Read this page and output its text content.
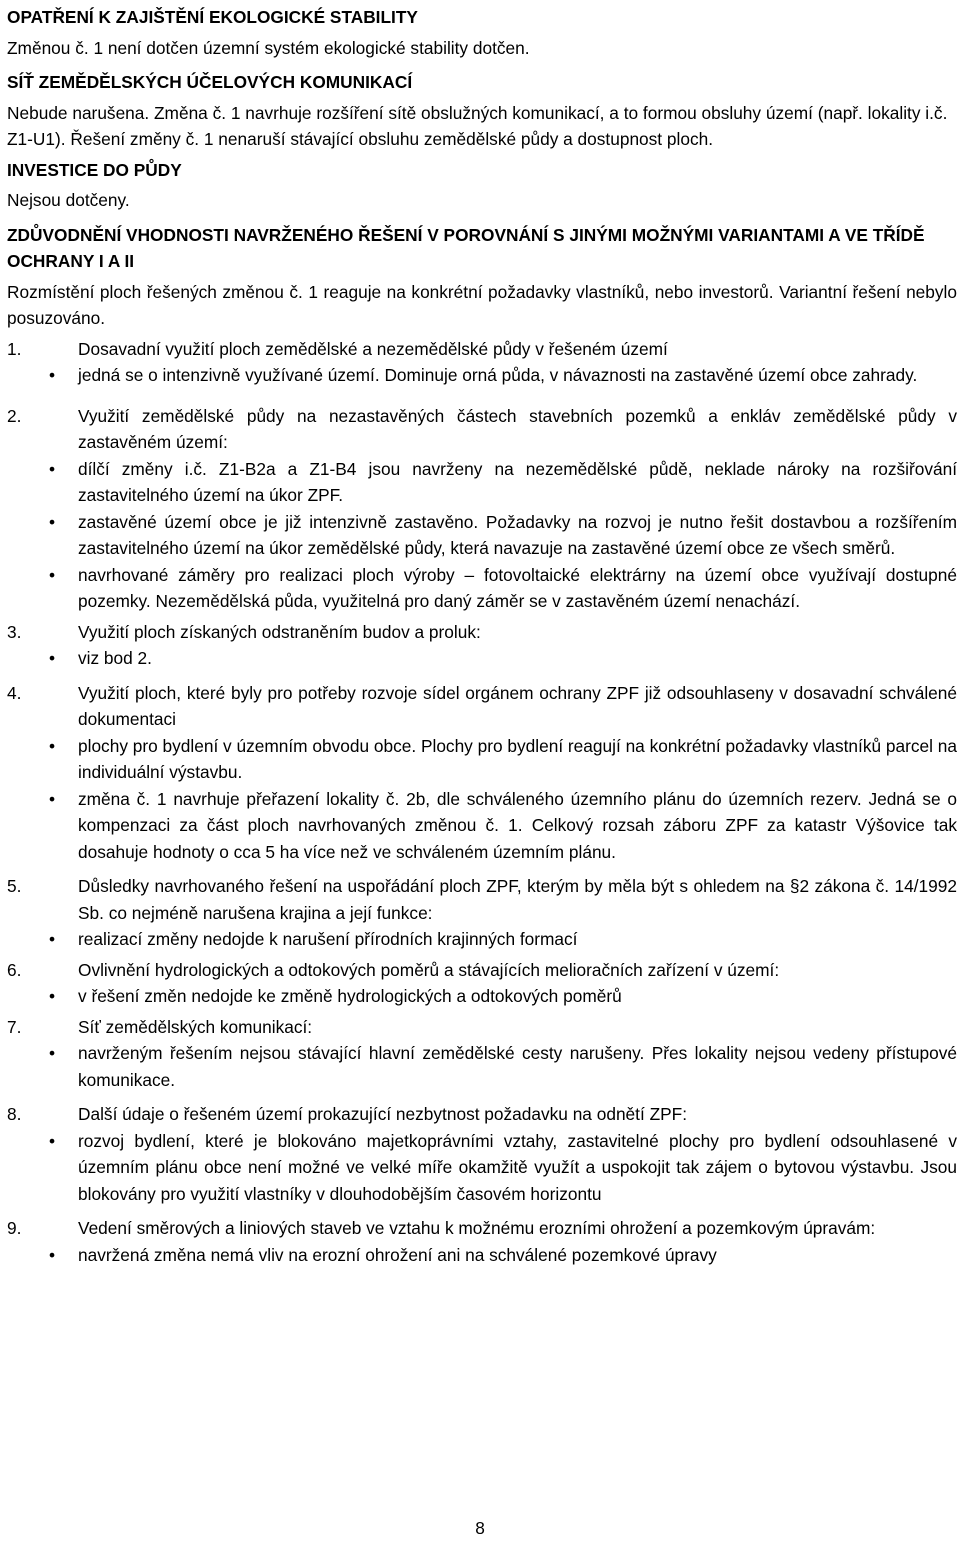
OPATŘENÍ K ZAJIŠTĚNÍ EKOLOGICKÉ STABILITY

Změnou č. 1 není dotčen územní systém ekologické stability dotčen.

SÍŤ ZEMĚDĚLSKÝCH ÚČELOVÝCH KOMUNIKACÍ

Nebude narušena. Změna č. 1 navrhuje rozšíření sítě obslužných komunikací, a to formou obsluhy území (např. lokality i.č. Z1-U1). Řešení změny č. 1 nenaruší stávající obsluhu zemědělské půdy a dostupnost ploch.

INVESTICE DO PŮDY

Nejsou dotčeny.

ZDŮVODNĚNÍ VHODNOSTI NAVRŽENÉHO ŘEŠENÍ V POROVNÁNÍ S JINÝMI MOŽNÝMI VARIANTAMI A VE TŘÍDĚ OCHRANY I A II

Rozmístění ploch řešených změnou č. 1 reaguje na konkrétní požadavky vlastníků, nebo investorů. Variantní řešení nebylo posuzováno.

1.	Dosavadní využití ploch zemědělské a nezemědělské půdy v řešeném území
• jedná se o intenzivně využívané území. Dominuje orná půda, v návaznosti na zastavěné území obce zahrady.
2.	Využití zemědělské půdy na nezastavěných částech stavebních pozemků a enkláv zemědělské půdy v zastavěném území:
• dílčí změny i.č. Z1-B2a a Z1-B4 jsou navrženy na nezemědělské půdě, neklade nároky na rozšiřování zastavitelného území na úkor ZPF.
• zastavěné území obce je již intenzivně zastavěno. Požadavky na rozvoj je nutno řešit dostavbou a rozšířením zastavitelného území na úkor zemědělské půdy, která navazuje na zastavěné území obce ze všech směrů.
• navrhované záměry pro realizaci ploch výroby – fotovoltaické elektrárny na území obce využívají dostupné pozemky. Nezemědělská půda, využitelná pro daný záměr se v zastavěném území nenachází.
3.	Využití ploch získaných odstraněním budov a proluk:
• viz bod 2.
4.	Využití ploch, které byly pro potřeby rozvoje sídel orgánem ochrany ZPF již odsouhlaseny v dosavadní schválené dokumentaci
• plochy pro bydlení v územním obvodu obce. Plochy pro bydlení reagují na konkrétní požadavky vlastníků parcel na individuální výstavbu.
• změna č. 1 navrhuje přeřazení lokality č. 2b, dle schváleného územního plánu do územních rezerv. Jedná se o kompenzaci za část ploch navrhovaných změnou č. 1. Celkový rozsah záboru ZPF za katastr Výšovice tak dosahuje hodnoty o cca 5 ha více než ve schváleném územním plánu.
5.	Důsledky navrhovaného řešení na uspořádání ploch ZPF, kterým by měla být s ohledem na §2 zákona č. 14/1992 Sb. co nejméně narušena krajina a její funkce:
• realizací změny nedojde k narušení přírodních krajinných formací
6.	Ovlivnění hydrologických a odtokových poměrů a stávajících melioračních zařízení v území:
• v řešení změn nedojde ke změně hydrologických a odtokových poměrů
7.	Síť zemědělských komunikací:
• navrženým řešením nejsou stávající hlavní zemědělské cesty narušeny. Přes lokality nejsou vedeny přístupové komunikace.
8.	Další údaje o řešeném území prokazující nezbytnost požadavku na odnětí ZPF:
• rozvoj bydlení, které je blokováno majetkoprávními vztahy, zastavitelné plochy pro bydlení odsouhlasené v územním plánu obce není možné ve velké míře okamžitě využít a uspokojit tak zájem o bytovou výstavbu. Jsou blokovány pro využití vlastníky v dlouhodobějším časovém horizontu
9.	Vedení směrových a liniových staveb ve vztahu k možnému erozními ohrožení a pozemkovým úpravám:
• navržená změna nemá vliv na erozní ohrožení ani na schválené pozemkové úpravy
8
